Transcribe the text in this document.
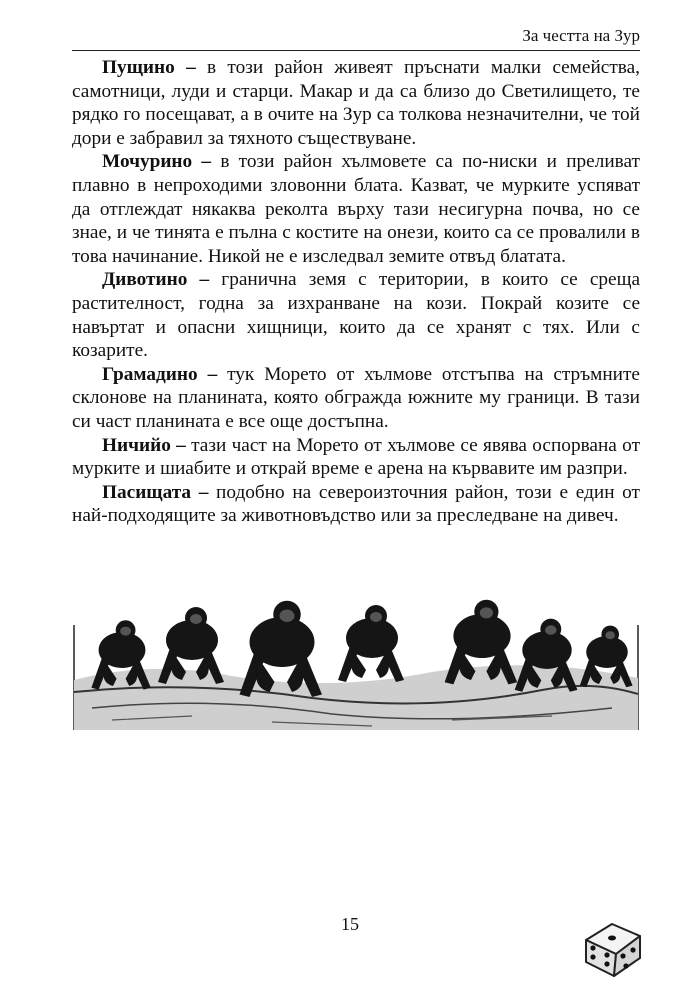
За честта на Зур

Пущино – в този район живеят пръснати малки семейства, самотници, луди и старци. Макар и да са близо до Светилището, те рядко го посещават, а в очите на Зур са толкова незначителни, че той дори е забравил за тяхното съществуване.

Мочурино – в този район хълмовете са по-ниски и преливат плавно в непроходими зловонни блата. Казват, че мурките успяват да отглеждат някаква реколта върху тази несигурна почва, но се знае, и че тинята е пълна с костите на онези, които са се провалили в това начинание. Никой не е изследвал земите отвъд блатата.

Дивотино – гранична земя с територии, в които се среща растителност, годна за изхранване на кози. Покрай козите се навъртат и опасни хищници, които да се хранят с тях. Или с козарите.

Грамадино – тук Морето от хълмове отстъпва на стръмните склонове на планината, която обгражда южните му граници. В тази си част планината е все още достъпна.

Ничийо – тази част на Морето от хълмове се явява оспорвана от мурките и шиабите и открай време е арена на кървавите им разпри.

Пасищата – подобно на североизточния район, този е един от най-подходящите за животновъдство или за преследване на дивеч.

15
